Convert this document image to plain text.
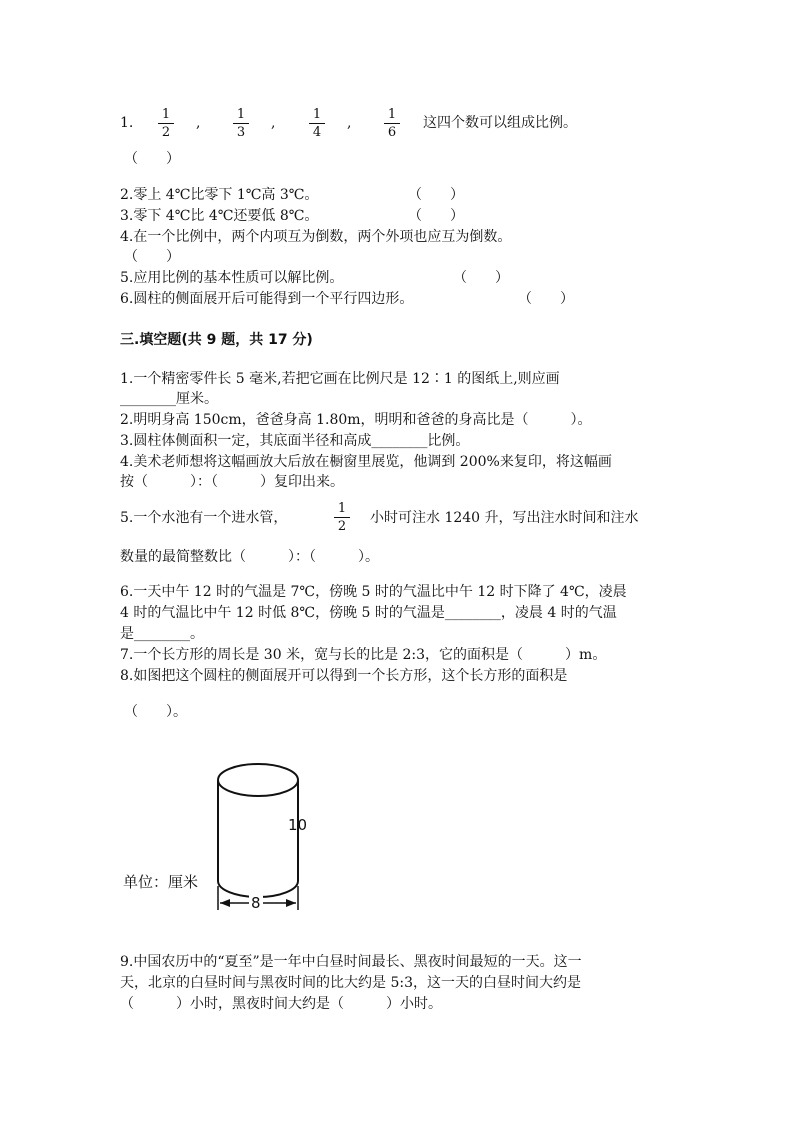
1.
1
2
,
1
3
,
1
4
,
1
6
这四个数可以组成比例。
（　　）
2.零上 4℃比零下 1℃高 3℃。	（　　）
3.零下 4℃比 4℃还要低 8℃。	（　　）
4.在一个比例中，两个内项互为倒数，两个外项也应互为倒数。
（　　）
5.应用比例的基本性质可以解比例。	（　　）
6.圆柱的侧面展开后可能得到一个平行四边形。	（　　）
三.填空题(共 9 题，共 17 分)
1.一个精密零件长 5 毫米,若把它画在比例尺是 12∶1 的图纸上,则应画
________厘米。
2.明明身高 150cm，爸爸身高 1.80m，明明和爸爸的身高比是（　　　）。
3.圆柱体侧面积一定，其底面半径和高成________比例。
4.美术老师想将这幅画放大后放在橱窗里展览，他调到 200%来复印，将这幅画
按（　　　）：（　　　）复印出来。
5.一个水池有一个进水管，
1
2
小时可注水 1240 升，写出注水时间和注水
数量的最简整数比（　　　）：（　　　）。
6.一天中午 12 时的气温是 7℃，傍晚 5 时的气温比中午 12 时下降了 4℃，凌晨
4 时的气温比中午 12 时低 8℃，傍晚 5 时的气温是________，凌晨 4 时的气温
是________。
7.一个长方形的周长是 30 米，宽与长的比是 2:3，它的面积是（　　　）m。
8.如图把这个圆柱的侧面展开可以得到一个长方形，这个长方形的面积是
（　　）。
10
8
单位：厘米
9.中国农历中的“夏至”是一年中白昼时间最长、黑夜时间最短的一天。这一
天，北京的白昼时间与黑夜时间的比大约是 5:3，这一天的白昼时间大约是
（　　　）小时，黑夜时间大约是（　　　）小时。
